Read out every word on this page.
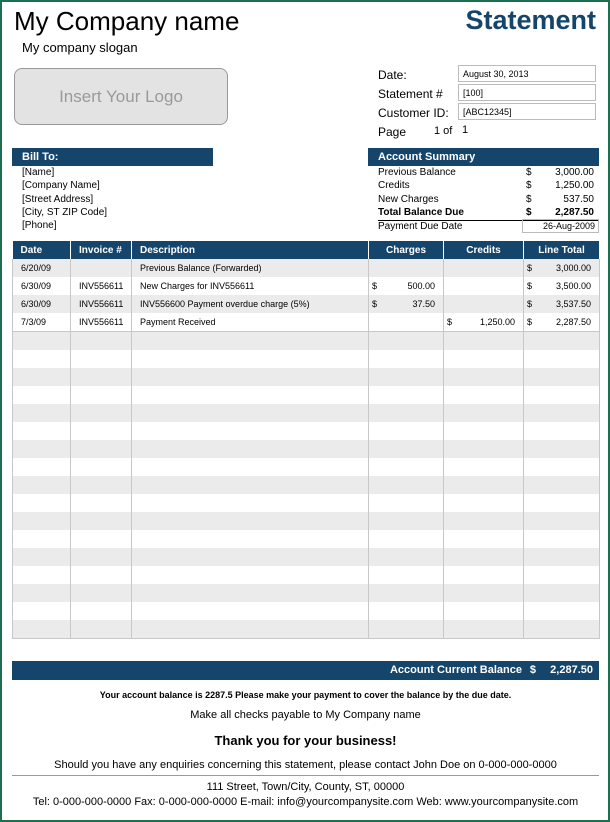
My Company name
My company slogan
Statement
Insert Your Logo
Date:	August 30, 2013
Statement #	[100]
Customer ID:	[ABC12345]
Page	1 of 1
Bill To:
[Name]
[Company Name]
[Street Address]
[City, ST ZIP Code]
[Phone]
Account Summary
Previous Balance	$ 3,000.00
Credits	$ 1,250.00
New Charges	$	537.50
Total Balance Due	$ 2,287.50
Payment Due Date	26-Aug-2009
Date	Invoice #	Description	Charges	Credits	Line Total

6/20/09		Previous Balance (Forwarded)			$ 3,000.00

6/30/09	INV556611	New Charges for INV556611	$ 500.00		$ 3,500.00

6/30/09	INV556611	INV556600 Payment overdue charge (5%)	$ 37.50		$ 3,537.50

7/3/09	INV556611	Payment Received		$ 1,250.00	$ 2,287.50

Account Current Balance $ 2,287.50
Your account balance is 2287.5 Please make your payment to cover the balance by the due date.
Make all checks payable to My Company name
Thank you for your business!
Should you have any enquiries concerning this statement, please contact John Doe on 0-000-000-0000
111 Street, Town/City, County, ST, 00000
Tel: 0-000-000-0000 Fax: 0-000-000-0000 E-mail: info@yourcompanysite.com Web: www.yourcompanysite.com
